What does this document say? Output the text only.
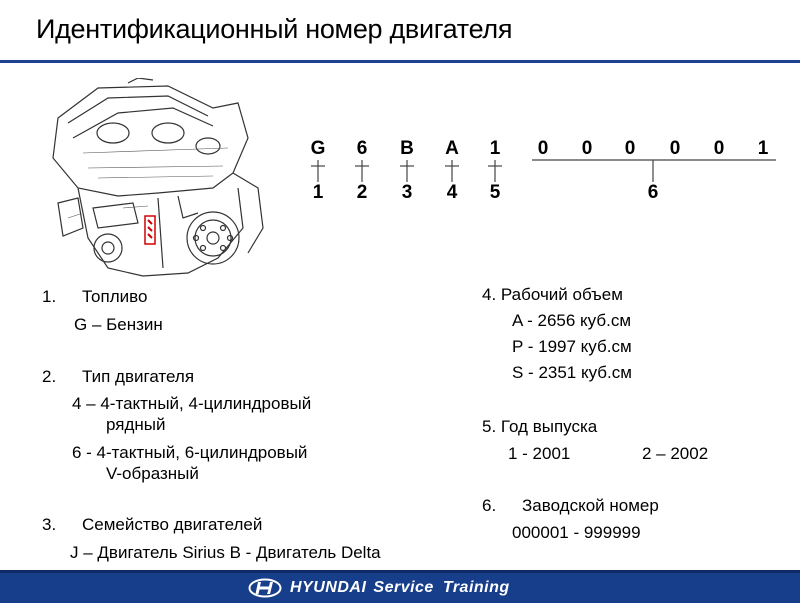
Идентификационный номер двигателя
G	6	B A	1	0	0	0	0	0	1
1	2	3	4	5	6
1. Топливо
G – Бензин
2. Тип двигателя
4 – 4-тактный, 4-цилиндровый
рядный
6 - 4-тактный, 6-цилиндровый
V-образный
3. Семейство двигателей
J – Двигатель Sirius B - Двигатель Delta
4. Рабочий объем
A - 2656 куб.см
P - 1997 куб.см
S - 2351 куб.см
5. Год выпуска
1 - 2001	2 – 2002
6. Заводской номер
000001 - 999999
HYUNDAI Service Training
